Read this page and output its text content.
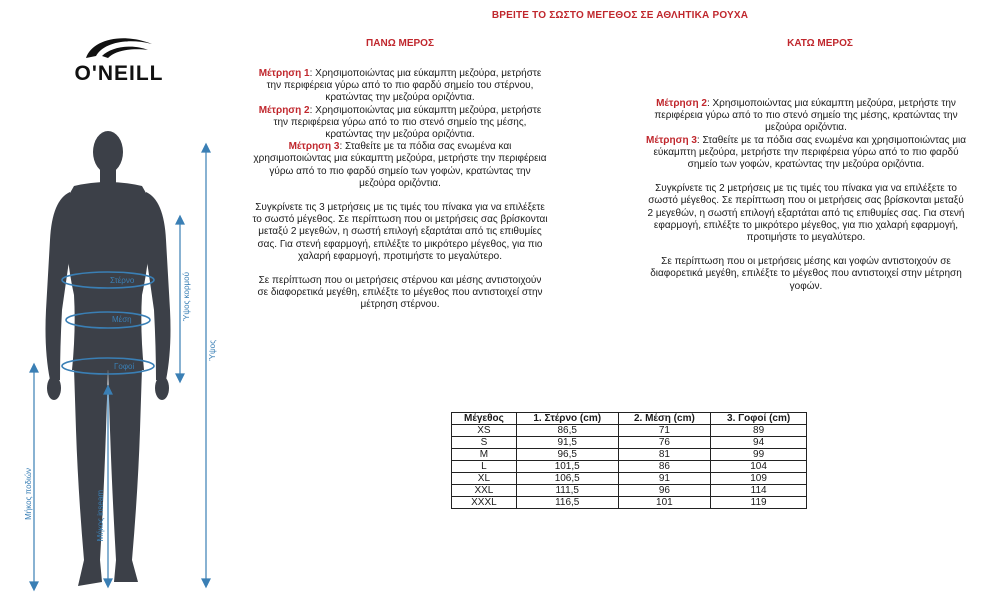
ΒΡΕΙΤΕ ΤΟ ΣΩΣΤΟ ΜΕΓΕΘΟΣ ΣΕ ΑΘΛΗΤΙΚΑ ΡΟΥΧΑ
O'NEILL
Στέρνο
Μέση
Γοφοί
Ύψος
Ύψος κορμού
Μήκος ποδιών	Μήκος inseam
ΠΑΝΩ ΜΕΡΟΣ

Μέτρηση 1: Χρησιμοποιώντας μια εύκαμπτη μεζούρα, μετρήστε την περιφέρεια γύρω από το πιο φαρδύ σημείο του στέρνου, κρατώντας την μεζούρα οριζόντια.

Μέτρηση 2: Χρησιμοποιώντας μια εύκαμπτη μεζούρα, μετρήστε την περιφέρεια γύρω από το πιο στενό σημείο της μέσης, κρατώντας την μεζούρα οριζόντια.

Μέτρηση 3: Σταθείτε με τα πόδια σας ενωμένα και χρησιμοποιώντας μια εύκαμπτη μεζούρα, μετρήστε την περιφέρεια γύρω από το πιο φαρδύ σημείο των γοφών, κρατώντας την μεζούρα οριζόντια.

Συγκρίνετε τις 3 μετρήσεις με τις τιμές του πίνακα για να επιλέξετε το σωστό μέγεθος. Σε περίπτωση που οι μετρήσεις σας βρίσκονται μεταξύ 2 μεγεθών, η σωστή επιλογή εξαρτάται από τις επιθυμίες σας. Για στενή εφαρμογή, επιλέξτε το μικρότερο μέγεθος, για πιο χαλαρή εφαρμογή, προτιμήστε το μεγαλύτερο.

Σε περίπτωση που οι μετρήσεις στέρνου και μέσης αντιστοιχούν σε διαφορετικά μεγέθη, επιλέξτε το μέγεθος που αντιστοιχεί στην μέτρηση στέρνου.

ΚΑΤΩ ΜΕΡΟΣ

Μέτρηση 2: Χρησιμοποιώντας μια εύκαμπτη μεζούρα, μετρήστε την περιφέρεια γύρω από το πιο στενό σημείο της μέσης, κρατώντας την μεζούρα οριζόντια.

Μέτρηση 3: Σταθείτε με τα πόδια σας ενωμένα και χρησιμοποιώντας μια εύκαμπτη μεζούρα, μετρήστε την περιφέρεια γύρω από το πιο φαρδύ σημείο των γοφών, κρατώντας την μεζούρα οριζόντια.

Συγκρίνετε τις 2 μετρήσεις με τις τιμές του πίνακα για να επιλέξετε το σωστό μέγεθος. Σε περίπτωση που οι μετρήσεις σας βρίσκονται μεταξύ 2 μεγεθών, η σωστή επιλογή εξαρτάται από τις επιθυμίες σας. Για στενή εφαρμογή, επιλέξτε το μικρότερο μέγεθος, για πιο χαλαρή εφαρμογή, προτιμήστε το μεγαλύτερο.

Σε περίπτωση που οι μετρήσεις μέσης και γοφών αντιστοιχούν σε διαφορετικά μεγέθη, επιλέξτε το μέγεθος που αντιστοιχεί στην μέτρηση γοφών.

Μέγεθος	1. Στέρνο (cm)	2. Μέση (cm)	3. Γοφοί (cm)
XS	86,5	71	89
S	91,5	76	94
M	96,5	81	99
L	101,5	86	104
XL	106,5	91	109
XXL	111,5	96	114
XXXL	116,5	101	119
